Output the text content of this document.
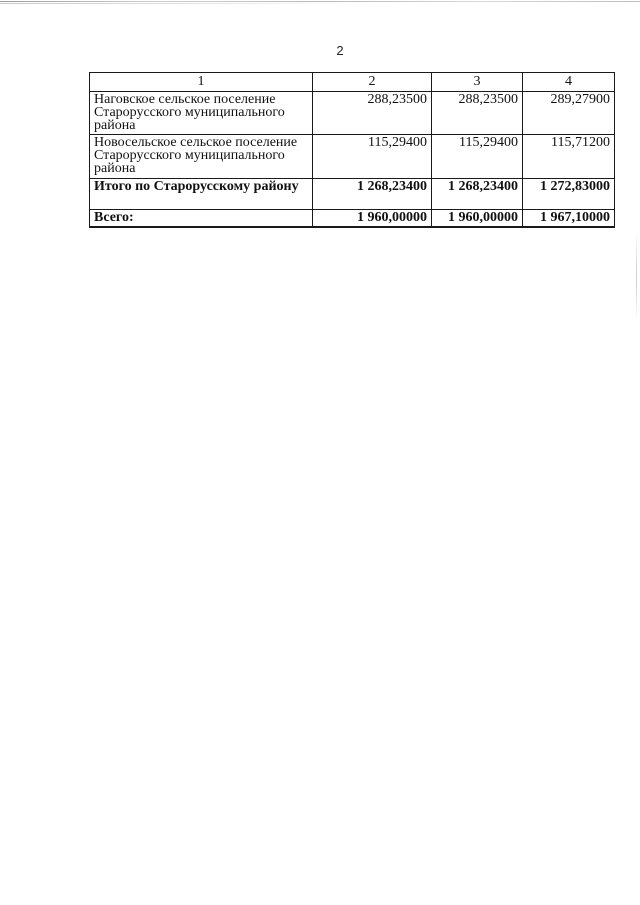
2
1	2	3	4
Наговское сельское поселение Старорусского муниципального района	288,23500	288,23500	289,27900
Новосельское сельское поселение Старорусского муниципального района	115,29400	115,29400	115,71200
Итого по Старорусскому району	1 268,23400	1 268,23400	1 272,83000
Всего:	1 960,00000	1 960,00000	1 967,10000
